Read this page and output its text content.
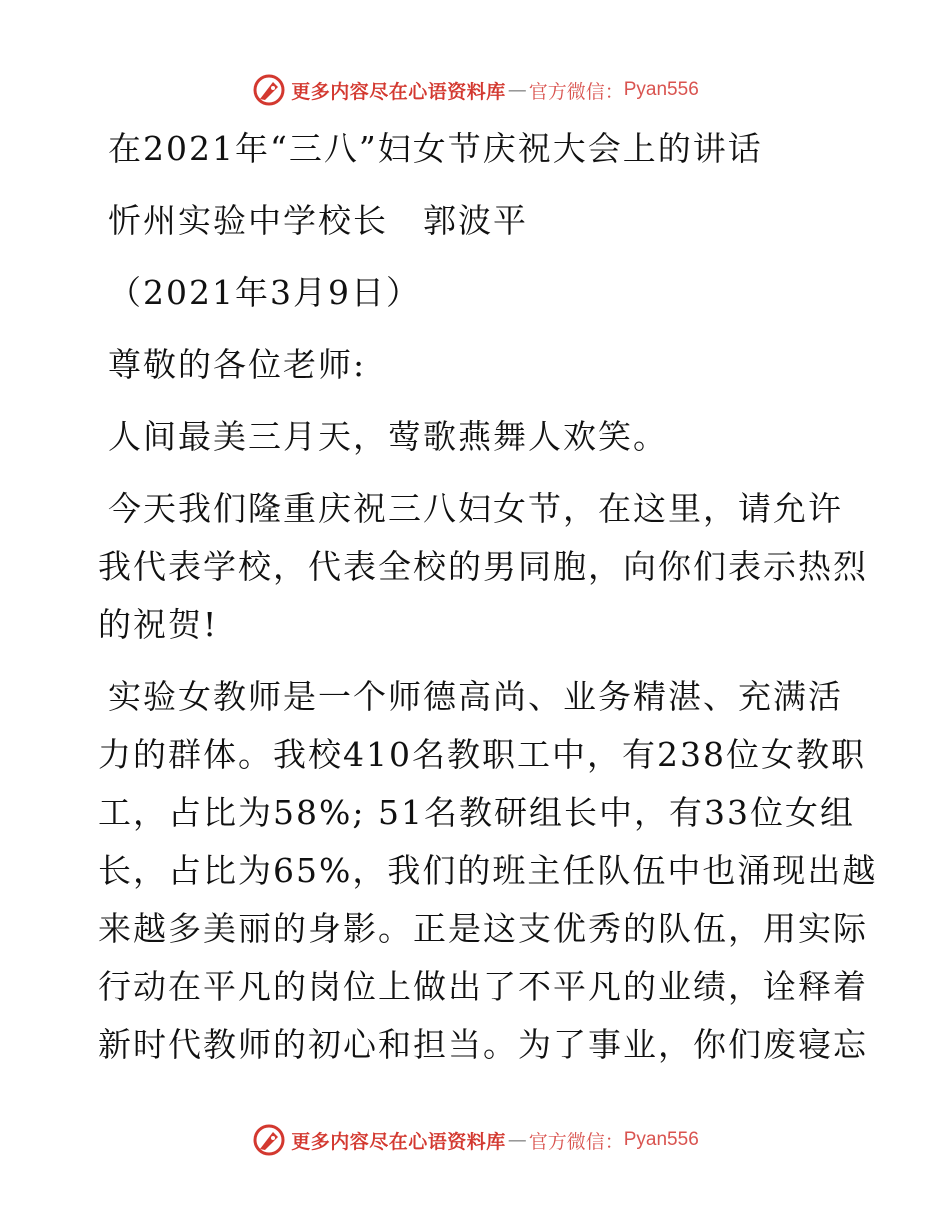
更多内容尽在心语资料库 — 官方微信： Pyan556
在2021年“三八”妇女节庆祝大会上的讲话
忻州实验中学校长　郭波平
（2021年3月9日）
尊敬的各位老师:
人间最美三月天，莺歌燕舞人欢笑。
今天我们隆重庆祝三八妇女节，在这里，请允许
我代表学校，代表全校的男同胞，向你们表示热烈
的祝贺!
实验女教师是一个师德高尚、业务精湛、充满活
力的群体。我校410名教职工中，有238位女教职
工，占比为58%; 51名教研组长中，有33位女组
长，占比为65%，我们的班主任队伍中也涌现出越
来越多美丽的身影。正是这支优秀的队伍，用实际
行动在平凡的岗位上做出了不平凡的业绩，诠释着
新时代教师的初心和担当。为了事业，你们废寝忘
更多内容尽在心语资料库 — 官方微信： Pyan556
